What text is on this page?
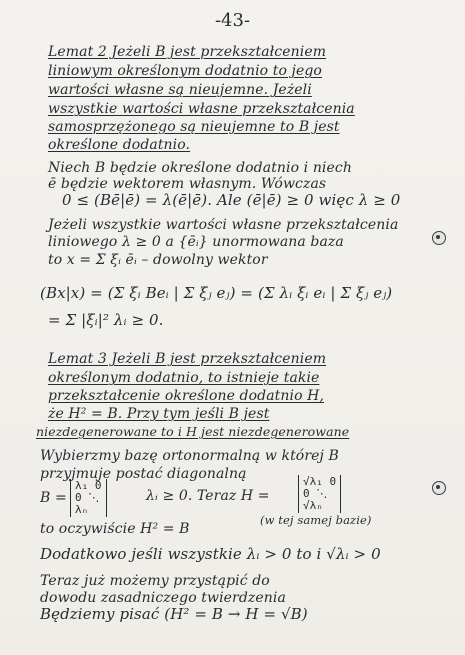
-43-
Lemat 2 Jeżeli B jest przekształceniem
liniowym określonym dodatnio to jego
wartości własne są nieujemne. Jeżeli
wszystkie wartości własne przekształcenia
samosprzężonego są nieujemne to B jest
określone dodatnio.
Niech B będzie określone dodatnio i niech
ē będzie wektorem własnym. Wówczas
0 ≤ (Bē|ē) = λ(ē|ē). Ale (ē|ē) ≥ 0 więc λ ≥ 0
Jeżeli wszystkie wartości własne przekształcenia
liniowego λ ≥ 0 a {ēᵢ} unormowana baza
to x = Σ ξᵢ ēᵢ – dowolny wektor
(Bx|x) = (Σ ξᵢ Beᵢ | Σ ξⱼ eⱼ) = (Σ λᵢ ξᵢ eᵢ | Σ ξⱼ eⱼ)
= Σ |ξᵢ|² λᵢ ≥ 0.
Lemat 3 Jeżeli B jest przekształceniem
określonym dodatnio, to istnieje takie
przekształcenie określone dodatnio H,
że H² = B. Przy tym jeśli B jest
niezdegenerowane to i H jest niezdegenerowane
Wybierzmy bazę ortonormalną w której B
przyjmuje postać diagonalną
B =
λ₁ 0
0 ⋱
λₙ
λᵢ ≥ 0. Teraz H =
√λ₁ 0
0 ⋱
√λₙ
(w tej samej bazie)
to oczywiście H² = B
Dodatkowo jeśli wszystkie λᵢ > 0 to i √λᵢ > 0
Teraz już możemy przystąpić do
dowodu zasadniczego twierdzenia
Będziemy pisać (H² = B → H = √B)
